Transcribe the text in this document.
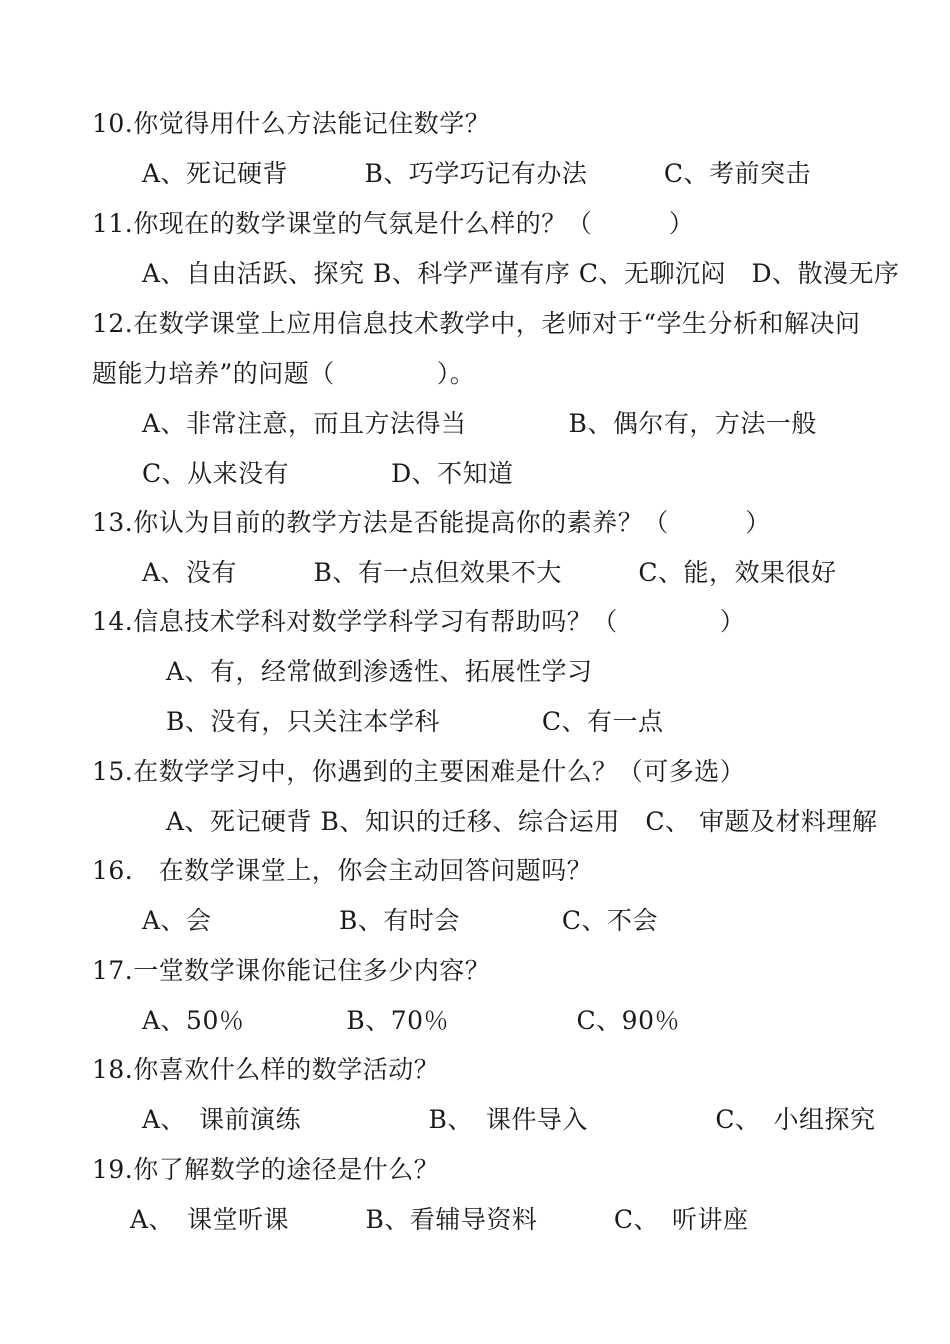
10.你觉得用什么方法能记住数学？
A、死记硬背　　　B、巧学巧记有办法　　　C、考前突击
11.你现在的数学课堂的气氛是什么样的？（　　　）
A、自由活跃、探究 B、科学严谨有序 C、无聊沉闷　D、散漫无序
12.在数学课堂上应用信息技术教学中，老师对于“学生分析和解决问
题能力培养”的问题（　　　　）。
A、非常注意，而且方法得当　　　　B、偶尔有，方法一般
C、从来没有　　　　D、不知道
13.你认为目前的教学方法是否能提高你的素养？（　　　）
A、没有　　　B、有一点但效果不大　　　C、能，效果很好
14.信息技术学科对数学学科学习有帮助吗？（　　　　）
A、有，经常做到渗透性、拓展性学习
B、没有，只关注本学科　　　　C、有一点
15.在数学学习中，你遇到的主要困难是什么？（可多选）
A、死记硬背 B、知识的迁移、综合运用　C、 审题及材料理解
16.　在数学课堂上，你会主动回答问题吗？
A、会　　　　　B、有时会　　　　C、不会
17.一堂数学课你能记住多少内容？
A、50％　　　　B、70％　　　　　C、90％
18.你喜欢什么样的数学活动？
A、　课前演练　　　　　B、　课件导入　　　　　C、　小组探究
19.你了解数学的途径是什么？
A、　课堂听课　　　B、看辅导资料　　　C、　听讲座
